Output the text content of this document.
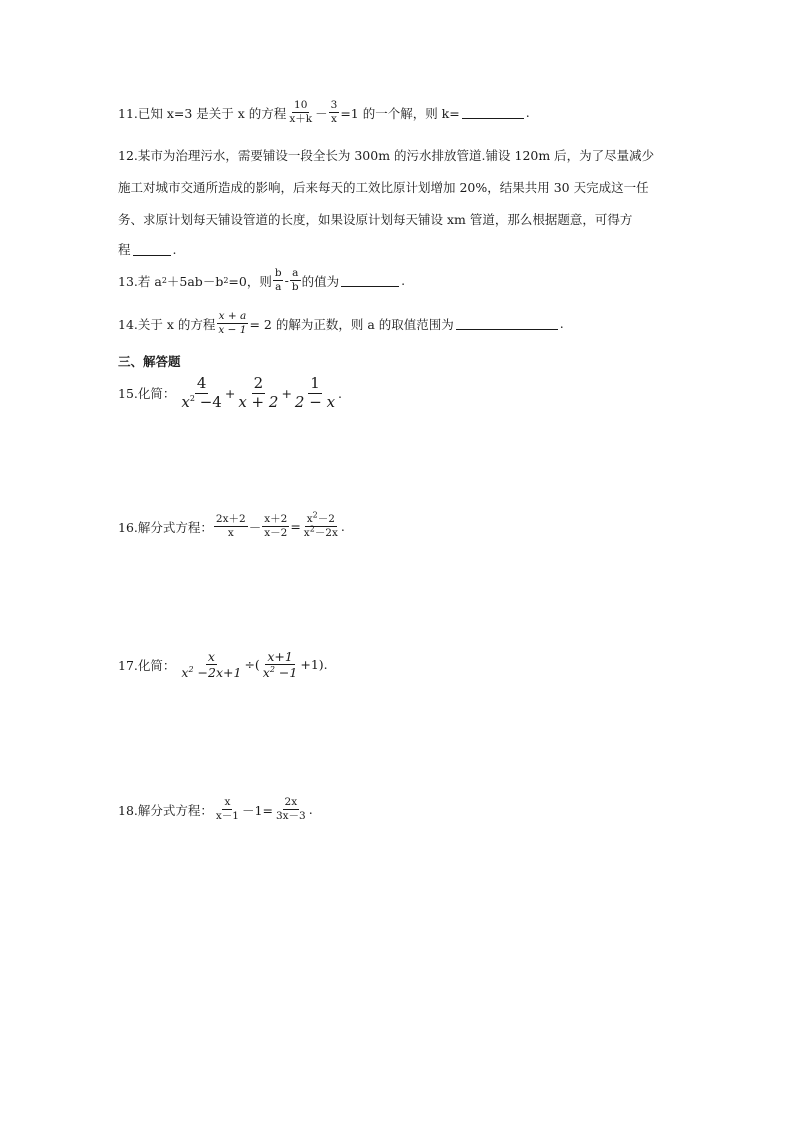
11.已知 x=3 是关于 x 的方程 $\frac{10}{x+k} - \frac{3}{x} =1$ 的一个解，则 k=	.
12.某市为治理污水，需要铺设一段全长为 300m 的污水排放管道.铺设 120m 后，为了尽量减少
施工对城市交通所造成的影响，后来每天的工效比原计划增加 20%，结果共用 30 天完成这一任
务、求原计划每天铺设管道的长度，如果设原计划每天铺设 xm 管道，那么根据题意，可得方
程	.
13.若 a 2 ＋5ab－b 2 =0，则 $\frac{b}{a} - \frac{a}{b}$ 的值为	.
14.关于 x 的方程 $\frac{x + a}{x - 1} = 2$ 的解为正数，则 a 的取值范围为	.
三、解答题
15.化简： $\frac{4}{x^2 -4} + \frac{2}{x + 2} + \frac{1}{2 - x}$ .
16.解分式方程： $\frac{2x+2}{x} - \frac{x+2}{x-2} = \frac{x^2-2}{x^2-2x}$ .
17.化简： $\frac{x}{x^2 -2x+1}$ ÷( $\frac{x+1}{x^2 -1} +1$) .
18.解分式方程： $\frac{x}{x-1} -1= \frac{2x}{3x-3}$ .
